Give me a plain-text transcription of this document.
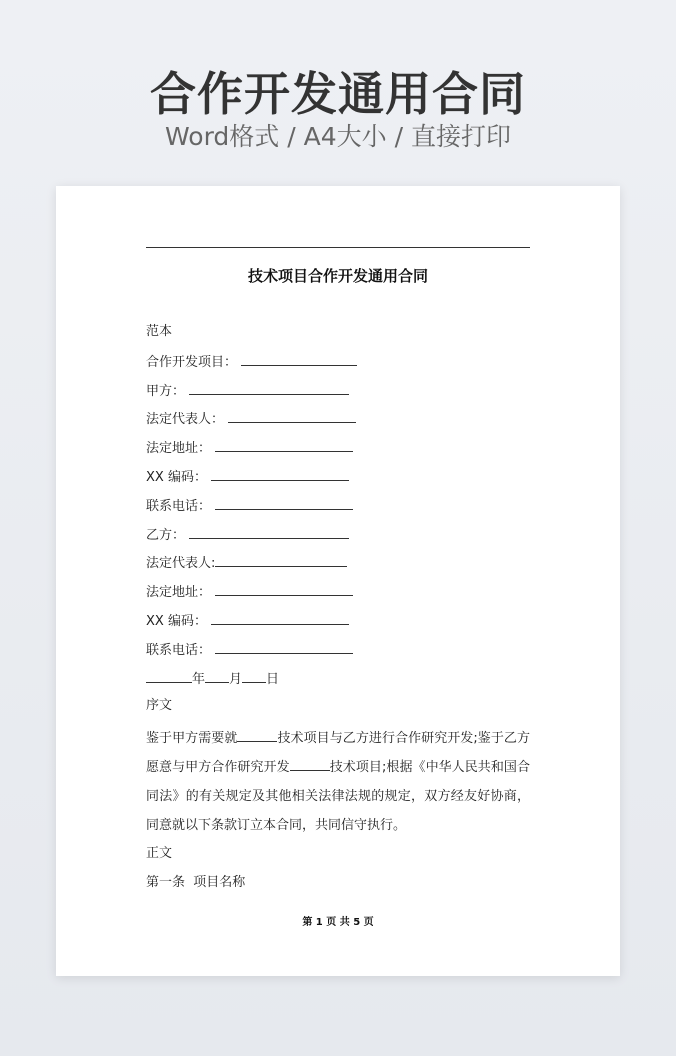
合作开发通用合同
Word格式 / A4大小 / 直接打印
技术项目合作开发通用合同
范本
合作开发项目：
甲方：
法定代表人：
法定地址：
XX 编码：
联系电话：
乙方：
法定代表人:
法定地址：
XX 编码：
联系电话：
年 月 日
序文
鉴于甲方需要就	技术项目与乙方进行合作研究开发;鉴于乙方愿意与甲方合作研究开发	技术项目;根据《中华人民共和国合同法》的有关规定及其他相关法律法规的规定，双方经友好协商，同意就以下条款订立本合同，共同信守执行。
正文
第一条  项目名称
第 1 页 共 5 页
